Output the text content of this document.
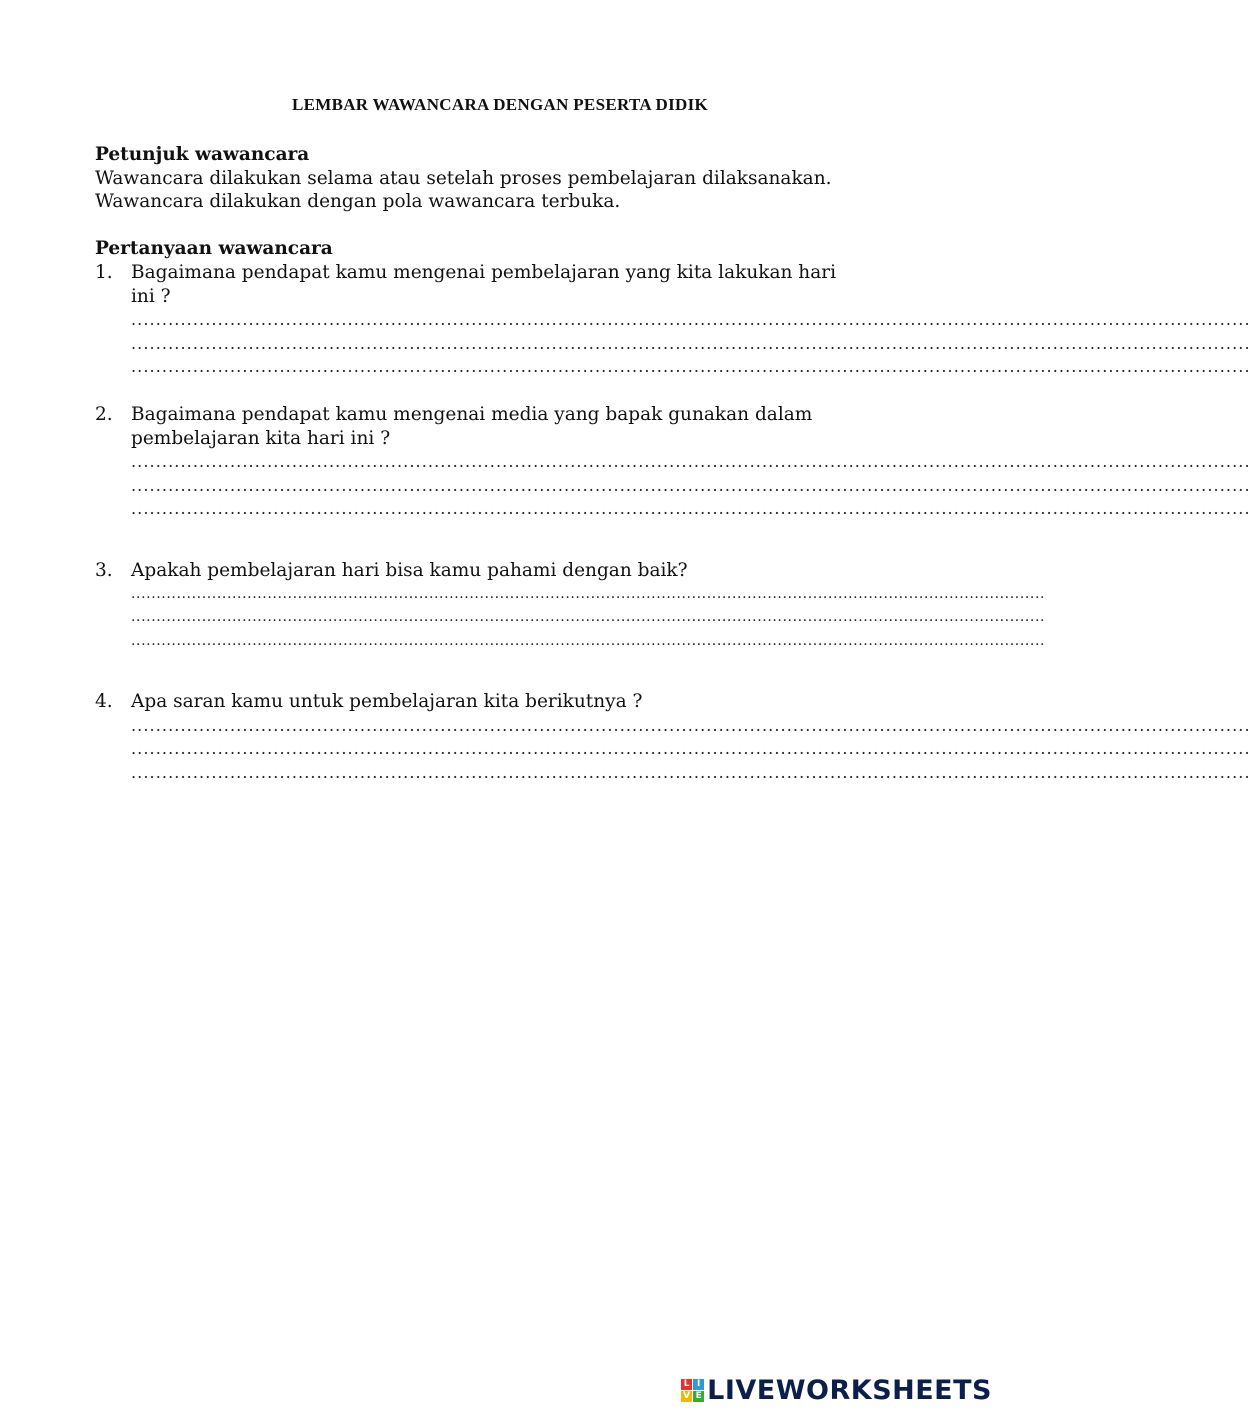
LEMBAR WAWANCARA DENGAN PESERTA DIDIK
Petunjuk wawancara

Wawancara dilakukan selama atau setelah proses pembelajaran dilaksanakan.

Wawancara dilakukan dengan pola wawancara terbuka.

Pertanyaan wawancara
1. Bagaimana pendapat kamu mengenai pembelajaran yang kita lakukan hari
ini ?
.....................................................................................................................................................................................
.....................................................................................................................................................................................
.....................................................................................................................................................................................
2. Bagaimana pendapat kamu mengenai media yang bapak gunakan dalam
pembelajaran kita hari ini ?
.....................................................................................................................................................................................
.....................................................................................................................................................................................
.....................................................................................................................................................................................
3. Apakah pembelajaran hari bisa kamu pahami dengan baik?
.....................................................................................................................................................................................
.....................................................................................................................................................................................
.....................................................................................................................................................................................
4. Apa saran kamu untuk pembelajaran kita berikutnya ?
.....................................................................................................................................................................................
.....................................................................................................................................................................................
.....................................................................................................................................................................................
L I
V E LIVEWORKSHEETS
